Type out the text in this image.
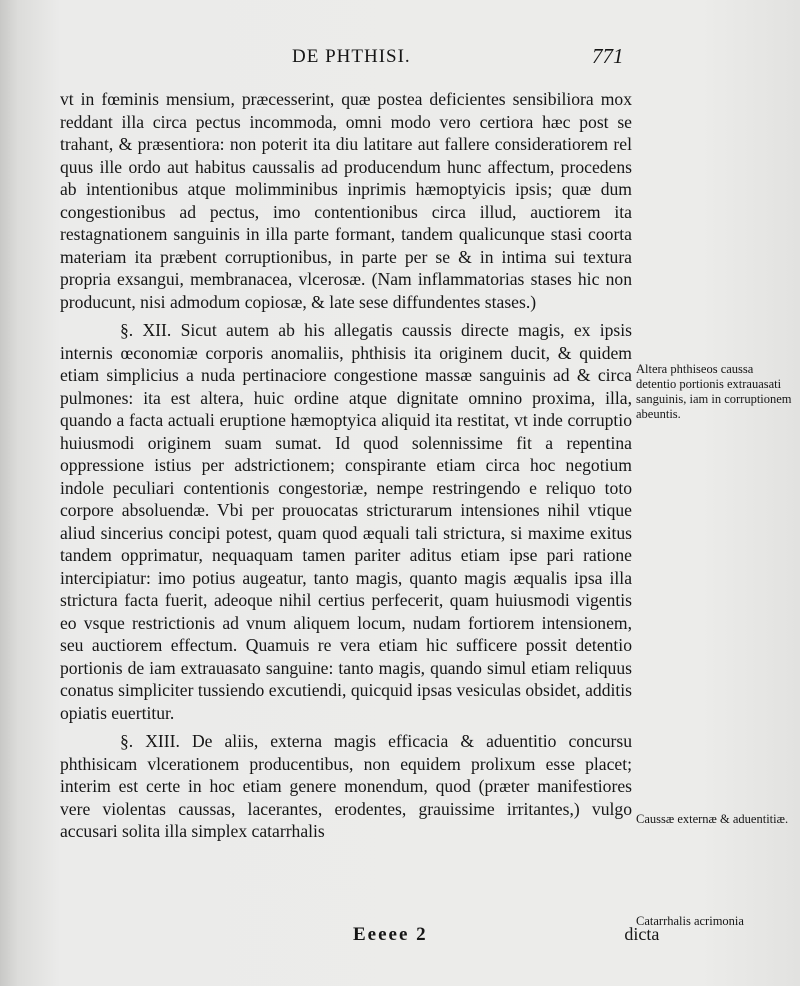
DE PHTHISI.	771

vt in fœminis mensium, præcesserint, quæ postea deficientes sensibiliora mox reddant illa circa pectus incommoda, omni modo vero certiora hæc post se trahant, & præsentiora: non poterit ita diu latitare aut fallere consideratiorem rel quus ille ordo aut habitus caussalis ad producendum hunc affectum, procedens ab intentionibus atque molimminibus inprimis hæmoptyicis ipsis; quæ dum congestionibus ad pectus, imo contentionibus circa illud, auctiorem ita restagnationem sanguinis in illa parte formant, tandem qualicunque stasi coorta materiam ita præbent corruptionibus, in parte per se & in intima sui textura propria exsangui, membranacea, vlcerosæ. (Nam inflammatorias stases hic non producunt, nisi admodum copiosæ, & late sese diffundentes stases.)

§. XII. Sicut autem ab his allegatis caussis directe magis, ex ipsis internis œconomiæ corporis anomaliis, phthisis ita originem ducit, & quidem etiam simplicius a nuda pertinaciore congestione massæ sanguinis ad & circa pulmones: ita est altera, huic ordine atque dignitate omnino proxima, illa, quando a facta actuali eruptione hæmoptyica aliquid ita restitat, vt inde corruptio huiusmodi originem suam sumat. Id quod solennissime fit a repentina oppressione istius per adstrictionem; conspirante etiam circa hoc negotium indole peculiari contentionis congestoriæ, nempe restringendo e reliquo toto corpore absoluendæ. Vbi per prouocatas stricturarum intensiones nihil vtique aliud sincerius concipi potest, quam quod æquali tali strictura, si maxime exitus tandem opprimatur, nequaquam tamen pariter aditus etiam ipse pari ratione intercipiatur: imo potius augeatur, tanto magis, quanto magis æqualis ipsa illa strictura facta fuerit, adeoque nihil certius perfecerit, quam huiusmodi vigentis eo vsque restrictionis ad vnum aliquem locum, nudam fortiorem intensionem, seu auctiorem effectum. Quamuis re vera etiam hic sufficere possit detentio portionis de iam extrauasato sanguine: tanto magis, quando simul etiam reliquus conatus simpliciter tussiendo excutiendi, quicquid ipsas vesiculas obsidet, additis opiatis euertitur.

§. XIII. De aliis, externa magis efficacia & aduentitio concursu phthisicam vlcerationem producentibus, non equidem prolixum esse placet; interim est certe in hoc etiam genere monendum, quod (præter manifestiores vere violentas caussas, lacerantes, erodentes, grauissime irritantes,) vulgo accusari solita illa simplex catarrhalis

Altera phthiseos caussa detentio portionis extrauasati sanguinis, iam in corruptionem abeuntis.
Caussæ externæ & aduentitiæ.
Catarrhalis acrimonia
Eeeee 2	dicta
